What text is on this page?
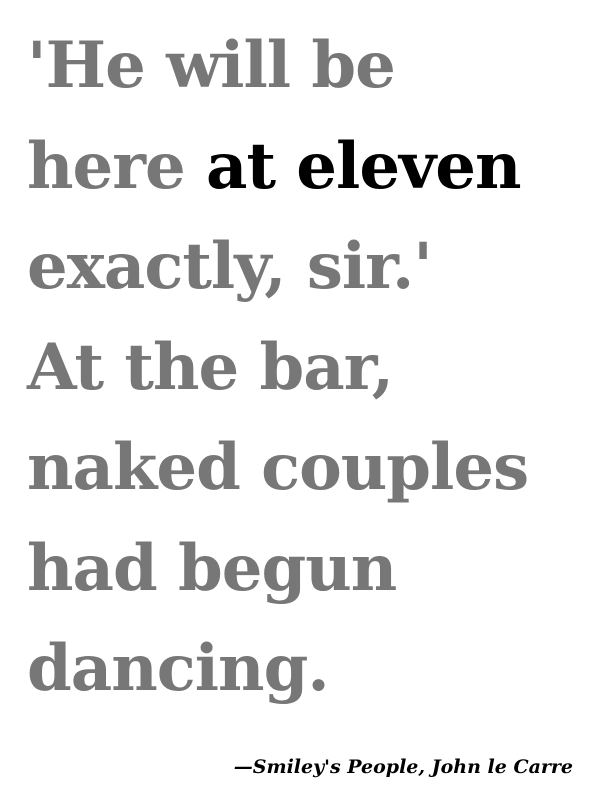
'He will be
here at eleven
exactly, sir.'
At the bar,
naked couples
had begun
dancing.
—Smiley's People, John le Carre
